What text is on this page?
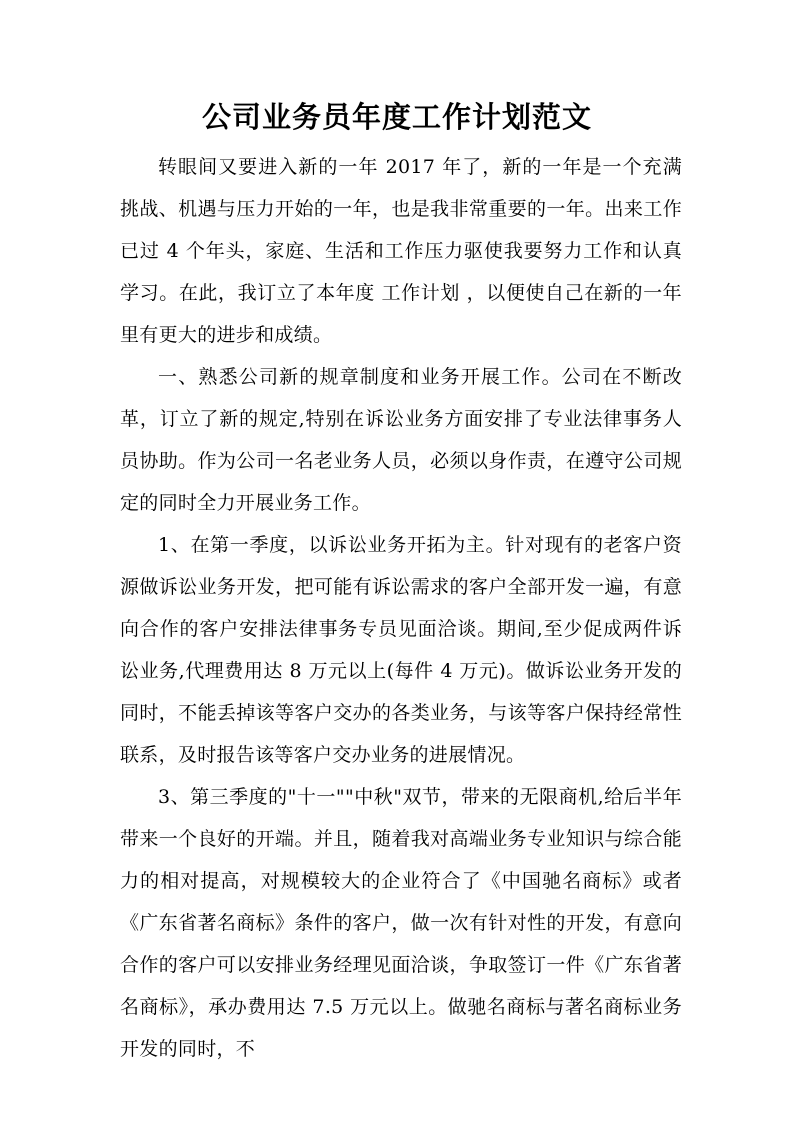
公司业务员年度工作计划范文

转眼间又要进入新的一年 2017 年了，新的一年是一个充满挑战、机遇与压力开始的一年，也是我非常重要的一年。出来工作已过 4 个年头，家庭、生活和工作压力驱使我要努力工作和认真学习。在此，我订立了本年度 工作计划 ，以便使自己在新的一年里有更大的进步和成绩。

一、熟悉公司新的规章制度和业务开展工作。公司在不断改革，订立了新的规定,特别在诉讼业务方面安排了专业法律事务人员协助。作为公司一名老业务人员，必须以身作责，在遵守公司规定的同时全力开展业务工作。

1、在第一季度，以诉讼业务开拓为主。针对现有的老客户资源做诉讼业务开发，把可能有诉讼需求的客户全部开发一遍，有意向合作的客户安排法律事务专员见面洽谈。期间,至少促成两件诉讼业务,代理费用达 8 万元以上(每件 4 万元)。做诉讼业务开发的同时，不能丢掉该等客户交办的各类业务，与该等客户保持经常性联系，及时报告该等客户交办业务的进展情况。

3、第三季度的"十一""中秋"双节，带来的无限商机,给后半年带来一个良好的开端。并且，随着我对高端业务专业知识与综合能力的相对提高，对规模较大的企业符合了《中国驰名商标》或者《广东省著名商标》条件的客户，做一次有针对性的开发，有意向合作的客户可以安排业务经理见面洽谈，争取签订一件《广东省著名商标》，承办费用达 7.5 万元以上。做驰名商标与著名商标业务开发的同时，不
